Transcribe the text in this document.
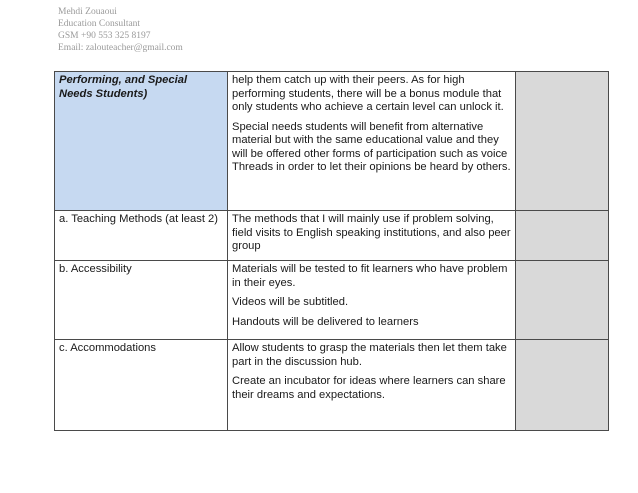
Mehdi Zouaoui
Education Consultant
GSM +90 553 325 8197
Email: zalouteacher@gmail.com
Performing, and Special Needs Students)	help them catch up with their peers. As for high performing students, there will be a bonus module that only students who achieve a certain level can unlock it.

Special needs students will benefit from alternative material but with the same educational value and they will be offered other forms of participation such as voice Threads in order to let their opinions be heard by others.	

a. Teaching Methods (at least 2)	The methods that I will mainly use if problem solving, field visits to English speaking institutions, and also peer group	

b. Accessibility	Materials will be tested to fit learners who have problem in their eyes.

Videos will be subtitled.

Handouts will be delivered to learners	

c. Accommodations	Allow students to grasp the materials then let them take part in the discussion hub.

Create an incubator for ideas where learners can share their dreams and expectations.	
